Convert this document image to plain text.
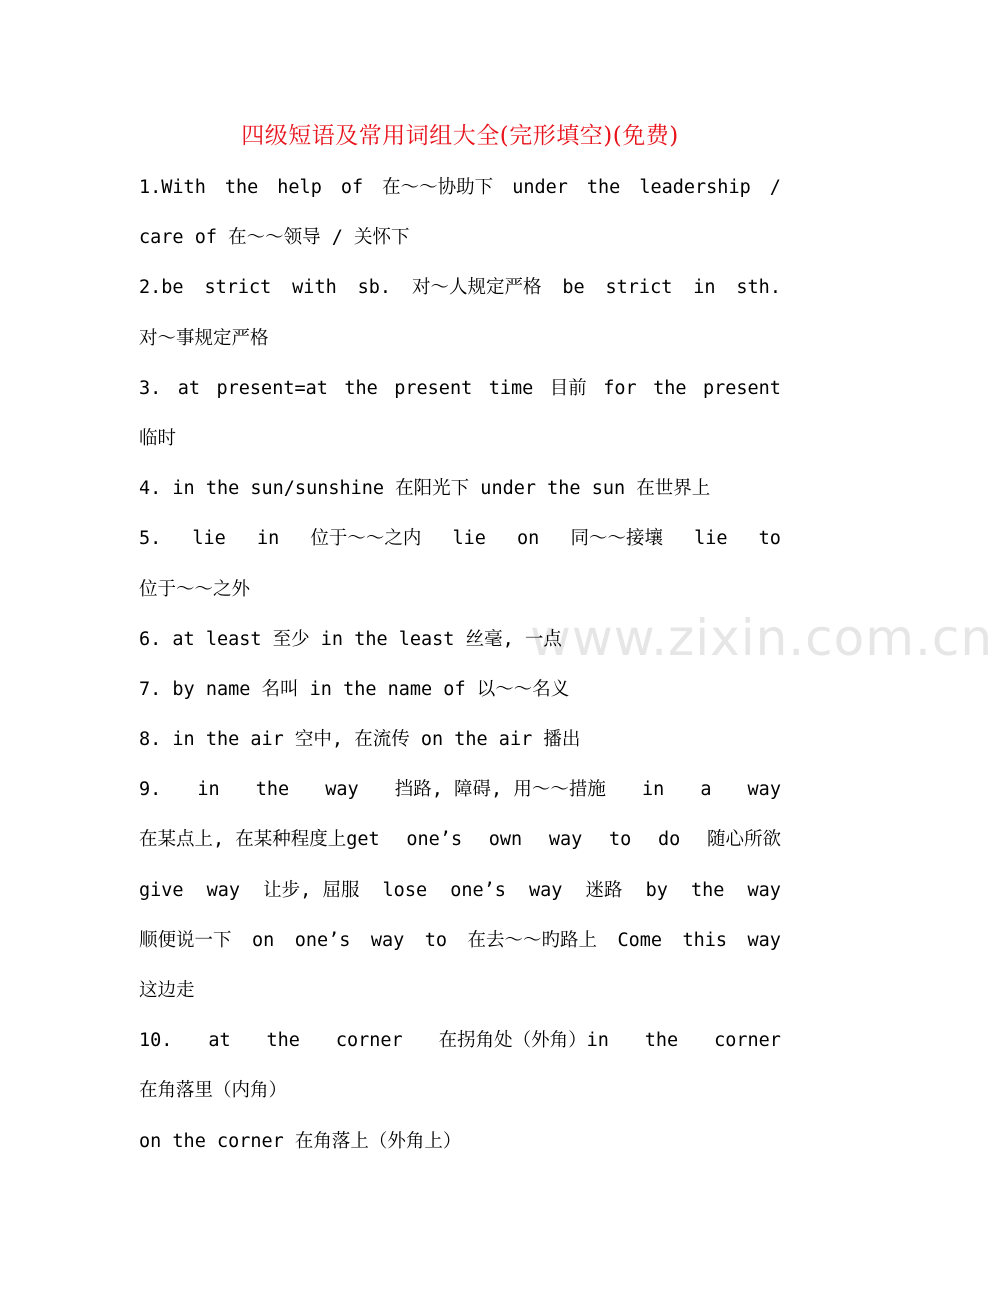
www.zixin.com.cn
四级短语及常用词组大全(完形填空)(免费)
1.With the help of 在～～协助下 under the leadership /
care of 在～～领导 / 关怀下
2.be strict with sb. 对～人规定严格 be strict in sth.
对～事规定严格
3. at present=at the present time 目前 for the present
临时
4. in the sun/sunshine 在阳光下 under the sun 在世界上
5. lie in 位于～～之内 lie on 同～～接壤 lie to
位于～～之外
6. at least 至少 in the least 丝毫, 一点
7. by name 名叫 in the name of 以～～名义
8. in the air 空中, 在流传 on the air 播出
9. in the way 挡路, 障碍, 用～～措施 in a way
在某点上, 在某种程度上get one’s own way to do 随心所欲
give way 让步, 屈服 lose one’s way 迷路 by the way
顺便说一下 on one’s way to 在去～～旳路上 Come this way
这边走
10. at the corner 在拐角处（外角）in the corner
在角落里（内角）
on the corner 在角落上（外角上）
